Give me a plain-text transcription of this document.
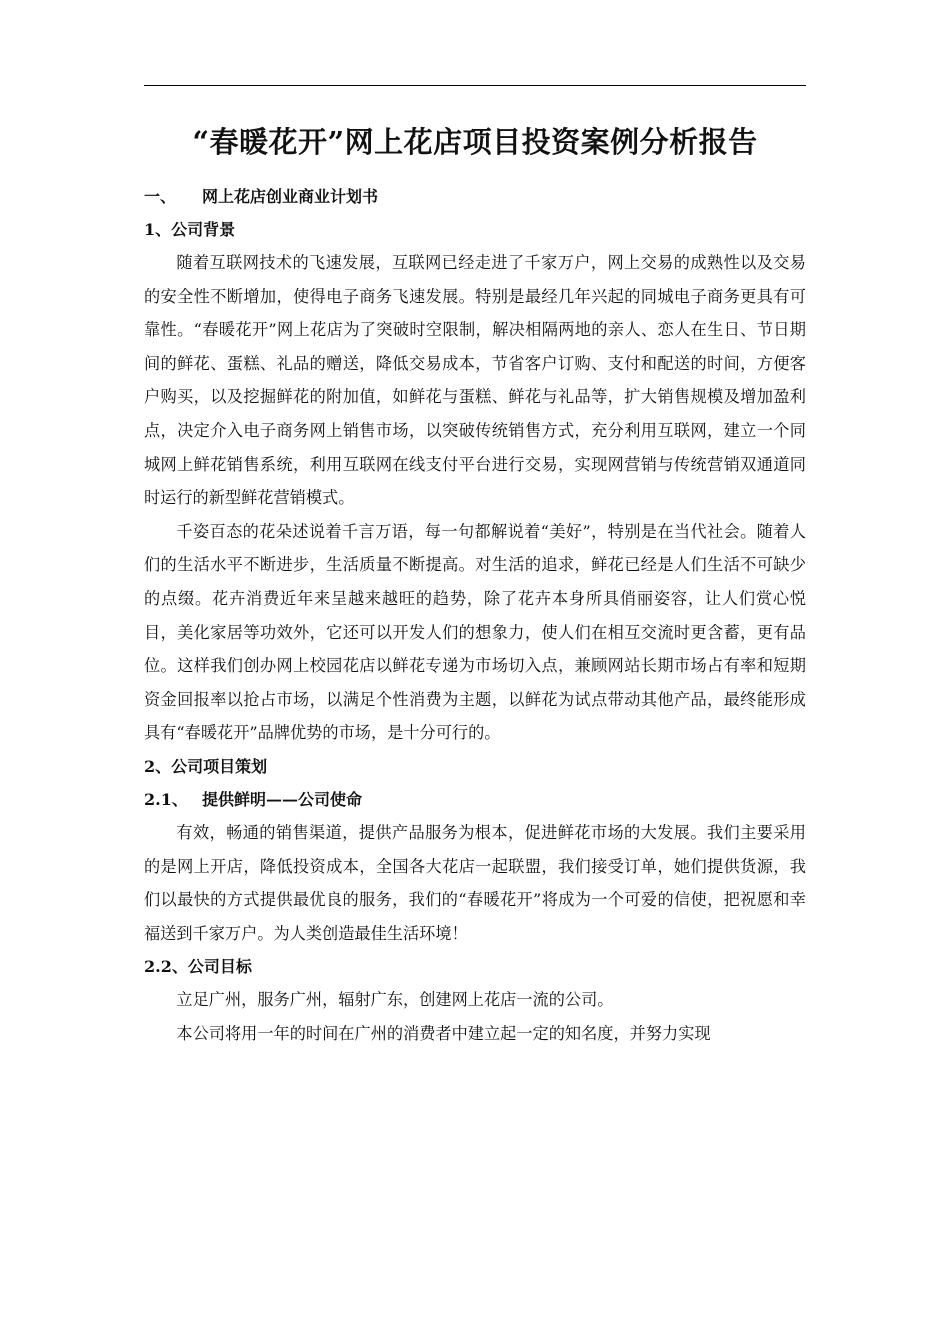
“春暖花开”网上花店项目投资案例分析报告
一、 网上花店创业商业计划书
1、公司背景

随着互联网技术的飞速发展，互联网已经走进了千家万户，网上交易的成熟性以及交易的安全性不断增加，使得电子商务飞速发展。特别是最经几年兴起的同城电子商务更具有可靠性。“春暖花开”网上花店为了突破时空限制，解决相隔两地的亲人、恋人在生日、节日期间的鲜花、蛋糕、礼品的赠送，降低交易成本，节省客户订购、支付和配送的时间，方便客户购买，以及挖掘鲜花的附加值，如鲜花与蛋糕、鲜花与礼品等，扩大销售规模及增加盈利点，决定介入电子商务网上销售市场，以突破传统销售方式，充分利用互联网，建立一个同城网上鲜花销售系统，利用互联网在线支付平台进行交易，实现网营销与传统营销双通道同时运行的新型鲜花营销模式。

千姿百态的花朵述说着千言万语，每一句都解说着“美好”，特别是在当代社会。随着人们的生活水平不断进步，生活质量不断提高。对生活的追求，鲜花已经是人们生活不可缺少的点缀。花卉消费近年来呈越来越旺的趋势，除了花卉本身所具俏丽姿容，让人们赏心悦目，美化家居等功效外，它还可以开发人们的想象力，使人们在相互交流时更含蓄，更有品位。这样我们创办网上校园花店以鲜花专递为市场切入点，兼顾网站长期市场占有率和短期资金回报率以抢占市场，以满足个性消费为主题，以鲜花为试点带动其他产品，最终能形成具有“春暖花开”品牌优势的市场，是十分可行的。

2、公司项目策划
2.1、 提供鲜明——公司使命

有效，畅通的销售渠道，提供产品服务为根本，促进鲜花市场的大发展。我们主要采用的是网上开店，降低投资成本，全国各大花店一起联盟，我们接受订单，她们提供货源，我们以最快的方式提供最优良的服务，我们的“春暖花开”将成为一个可爱的信使，把祝愿和幸福送到千家万户。为人类创造最佳生活环境！

2.2、公司目标

立足广州，服务广州，辐射广东，创建网上花店一流的公司。

本公司将用一年的时间在广州的消费者中建立起一定的知名度，并努力实现
